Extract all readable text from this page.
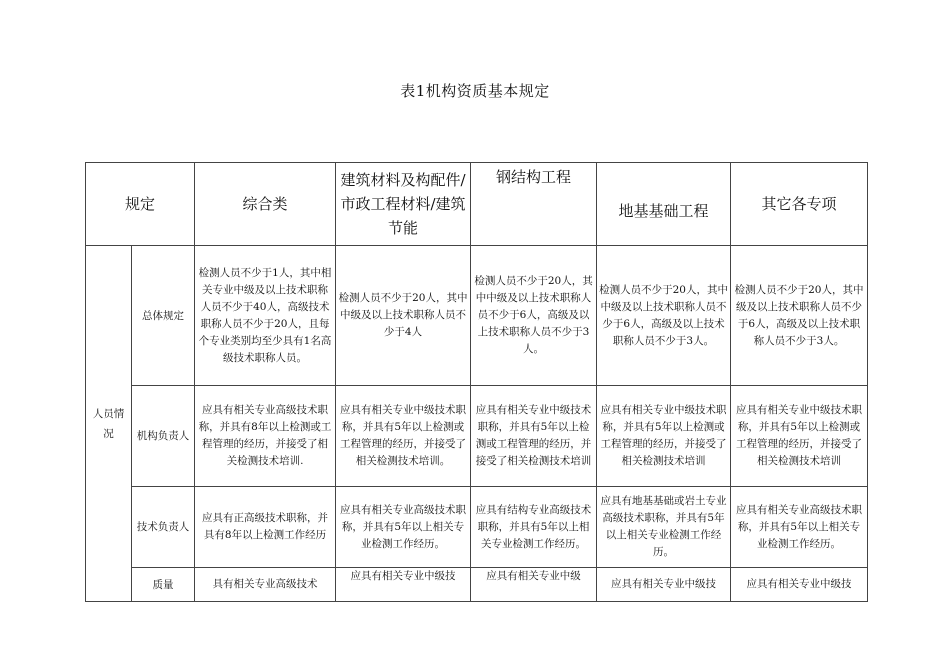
表1机构资质基本规定
规定		综合类	建筑材料及构配件/市政工程材料/建筑节能	钢结构工程	地基基础工程	其它各专项
人员情况	总体规定	检测人员不少于1人，其中相关专业中级及以上技术职称人员不少于40人，高级技术职称人员不少于20人，且每个专业类别均至少具有1名高级技术职称人员。	检测人员不少于20人，其中中级及以上技术职称人员不少于4人	检测人员不少于20人，其中中级及以上技术职称人员不少于6人，高级及以上技术职称人员不少于3人。	检测人员不少于20人，其中中级及以上技术职称人员不少于6人，高级及以上技术职称人员不少于3人。	检测人员不少于20人，其中级及以上技术职称人员不少于6人，高级及以上技术职称人员不少于3人。
	机构负责人	应具有相关专业高级技术职称，并具有8年以上检测或工程管理的经历，并接受了相关检测技术培训.	应具有相关专业中级技术职称，并具有5年以上检测或工程管理的经历，并接受了相关检测技术培训。	应具有相关专业中级技术职称，并具有5年以上检测或工程管理的经历，并接受了相关检测技术培训	应具有相关专业中级技术职称，并具有5年以上检测或工程管理的经历，并接受了相关检测技术培训	应具有相关专业中级技术职称，并具有5年以上检测或工程管理的经历，并接受了相关检测技术培训
	技术负责人	应具有正高级技术职称，并具有8年以上检测工作经历	应具有相关专业高级技术职称，并具有5年以上相关专业检测工作经历。	应具有结构专业高级技术职称，并具有5年以上相关专业检测工作经历。	应具有地基基础或岩土专业高级技术职称，并具有5年以上相关专业检测工作经历。	应具有相关专业高级技术职称，并具有5年以上相关专业检测工作经历。
	质量	具有相关专业高级技术	应具有相关专业中级技	应具有相关专业中级	应具有相关专业中级技	应具有相关专业中级技
